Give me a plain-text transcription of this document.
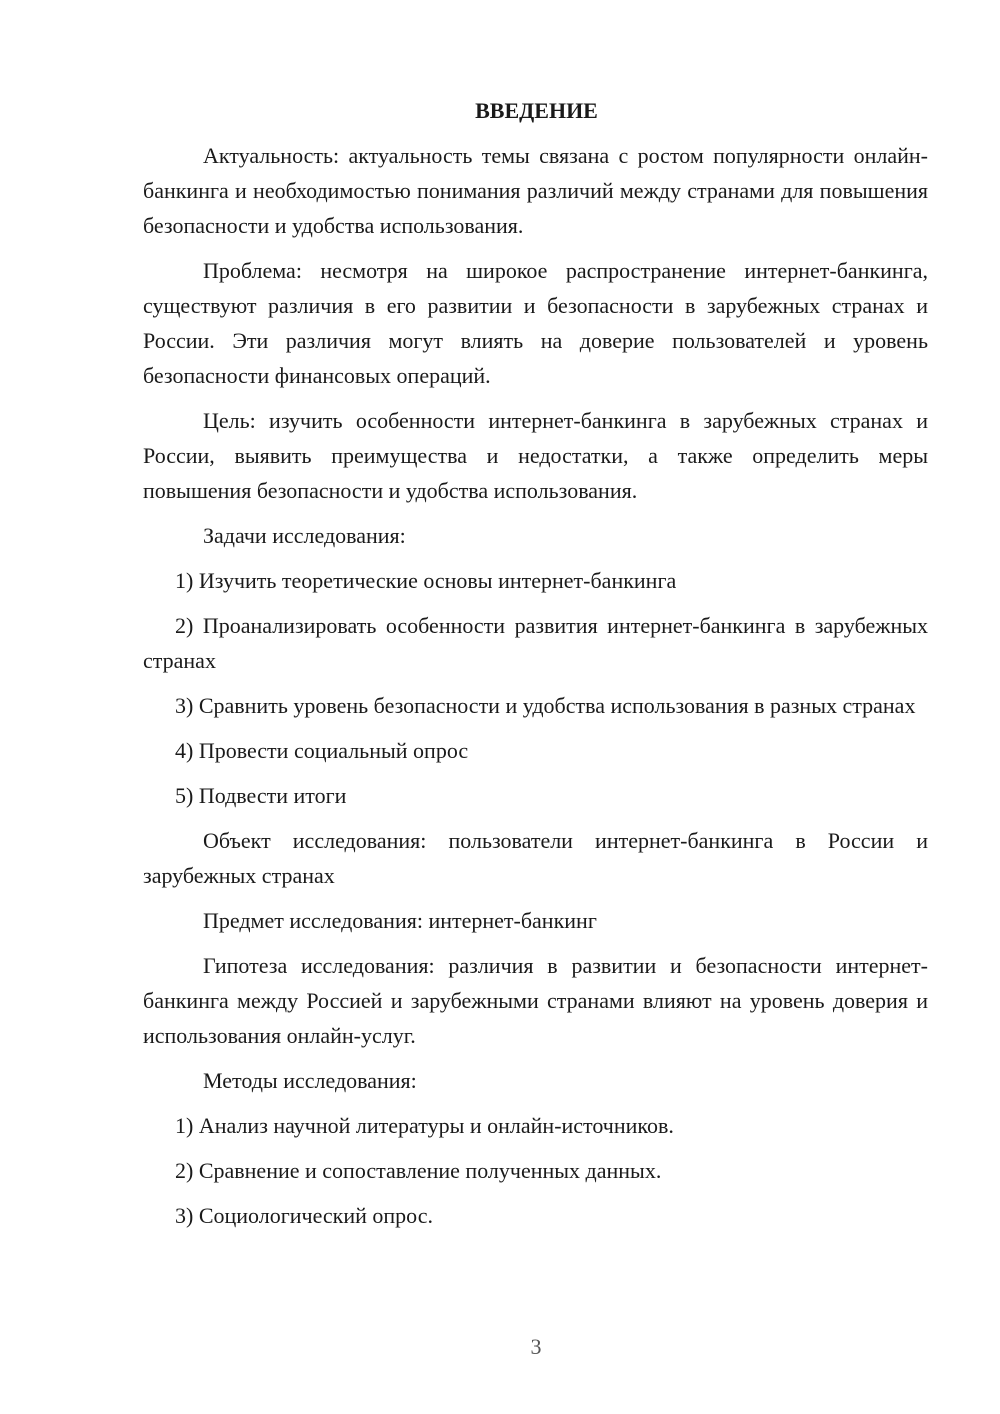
ВВЕДЕНИЕ

Актуальность: актуальность темы связана с ростом популярности онлайн-банкинга и необходимостью понимания различий между странами для повышения безопасности и удобства использования.

Проблема: несмотря на широкое распространение интернет-банкинга, существуют различия в его развитии и безопасности в зарубежных странах и России. Эти различия могут влиять на доверие пользователей и уровень безопасности финансовых операций.

Цель: изучить особенности интернет-банкинга в зарубежных странах и России, выявить преимущества и недостатки, а также определить меры повышения безопасности и удобства использования.

Задачи исследования:

1) Изучить теоретические основы интернет-банкинга

2) Проанализировать особенности развития интернет-банкинга в зарубежных странах

3) Сравнить уровень безопасности и удобства использования в разных странах

4) Провести социальный опрос

5) Подвести итоги

Объект исследования: пользователи интернет-банкинга в России и зарубежных странах

Предмет исследования: интернет-банкинг

Гипотеза исследования: различия в развитии и безопасности интернет-банкинга между Россией и зарубежными странами влияют на уровень доверия и использования онлайн-услуг.

Методы исследования:

1) Анализ научной литературы и онлайн-источников.

2) Сравнение и сопоставление полученных данных.

3) Социологический опрос.

3
